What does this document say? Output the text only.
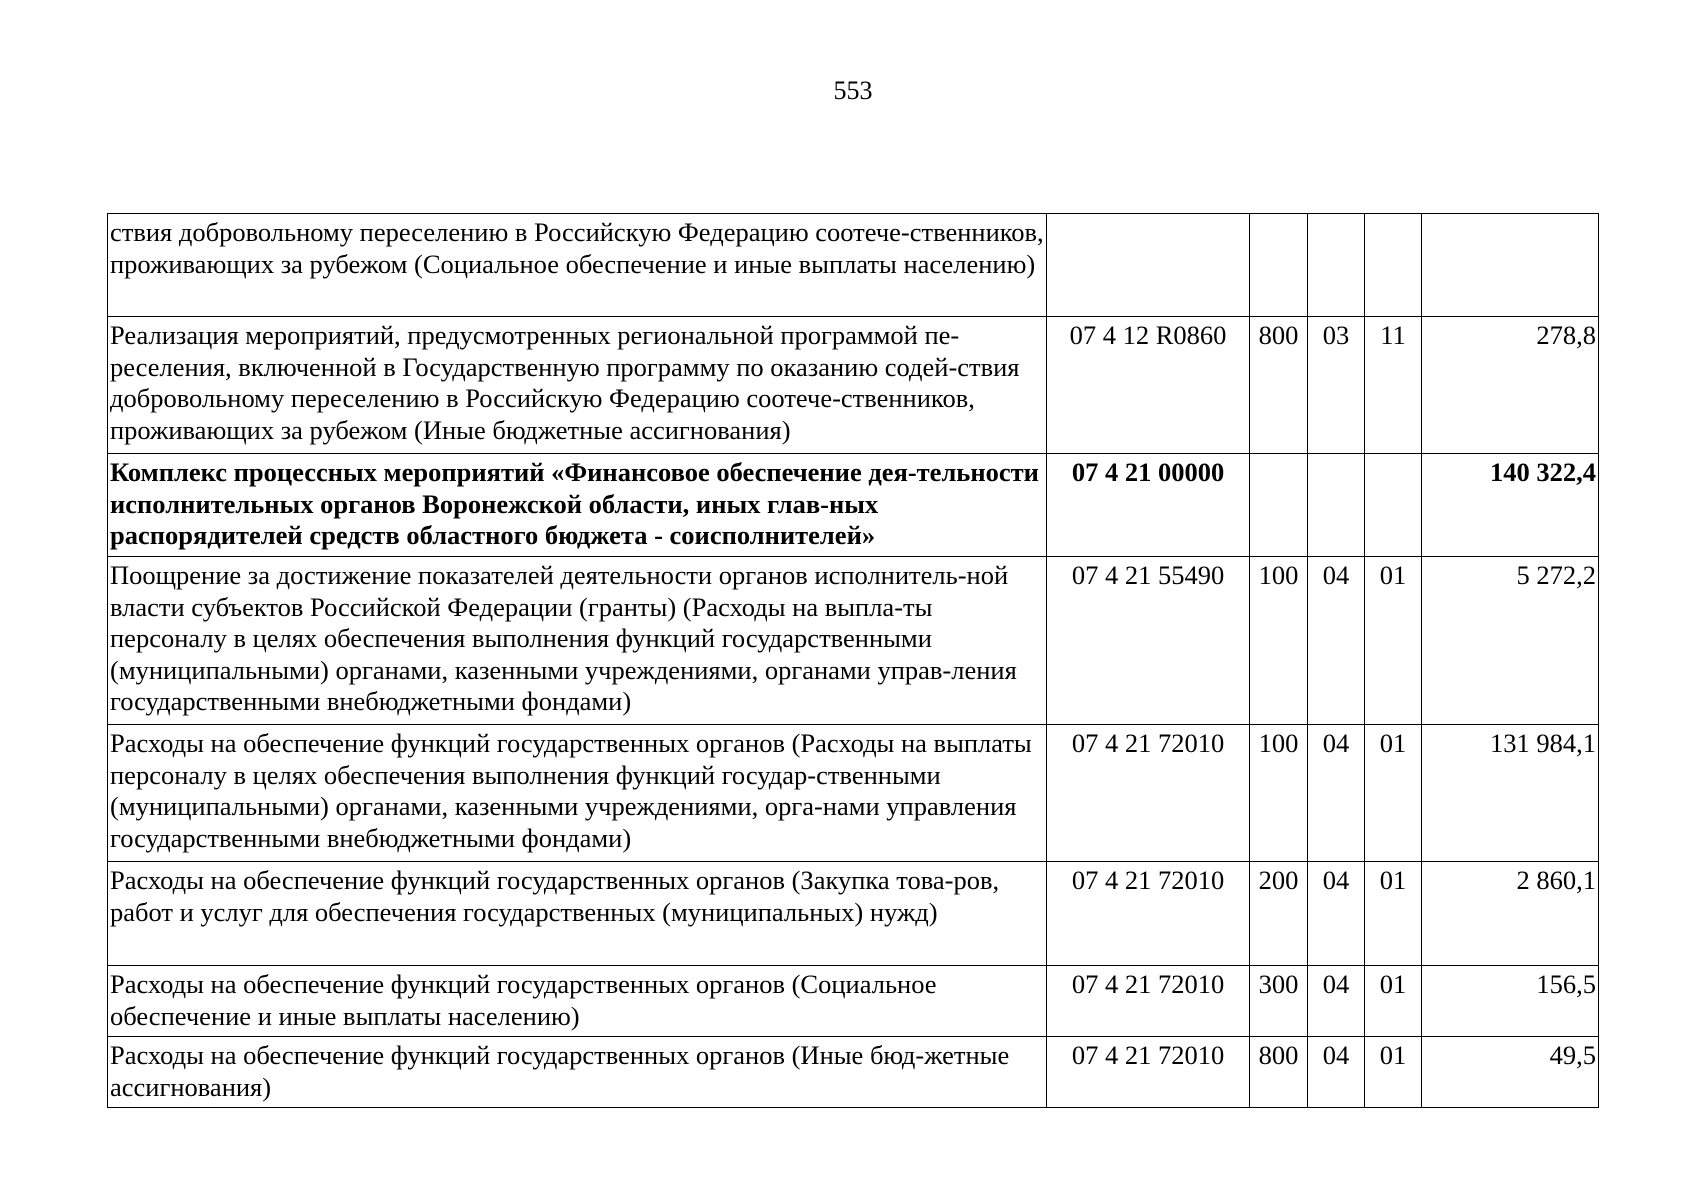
553
ствия добровольному переселению в Российскую Федерацию соотече-ственников, проживающих за рубежом (Социальное обеспечение и иные выплаты населению)					
Реализация мероприятий, предусмотренных региональной программой пе-реселения, включенной в Государственную программу по оказанию содей-ствия добровольному переселению в Российскую Федерацию соотече-ственников, проживающих за рубежом (Иные бюджетные ассигнования)	07 4 12 R0860	800	03	11	278,8
Комплекс процессных мероприятий «Финансовое обеспечение дея-тельности исполнительных органов Воронежской области, иных глав-ных распорядителей средств областного бюджета - соисполнителей»	07 4 21 00000				140 322,4
Поощрение за достижение показателей деятельности органов исполнитель-ной власти субъектов Российской Федерации (гранты) (Расходы на выпла-ты персоналу в целях обеспечения выполнения функций государственными (муниципальными) органами, казенными учреждениями, органами управ-ления государственными внебюджетными фондами)	07 4 21 55490	100	04	01	5 272,2
Расходы на обеспечение функций государственных органов (Расходы на выплаты персоналу в целях обеспечения выполнения функций государ-ственными (муниципальными) органами, казенными учреждениями, орга-нами управления государственными внебюджетными фондами)	07 4 21 72010	100	04	01	131 984,1
Расходы на обеспечение функций государственных органов (Закупка това-ров, работ и услуг для обеспечения государственных (муниципальных) нужд)	07 4 21 72010	200	04	01	2 860,1
Расходы на обеспечение функций государственных органов (Социальное обеспечение и иные выплаты населению)	07 4 21 72010	300	04	01	156,5
Расходы на обеспечение функций государственных органов (Иные бюд-жетные ассигнования)	07 4 21 72010	800	04	01	49,5
